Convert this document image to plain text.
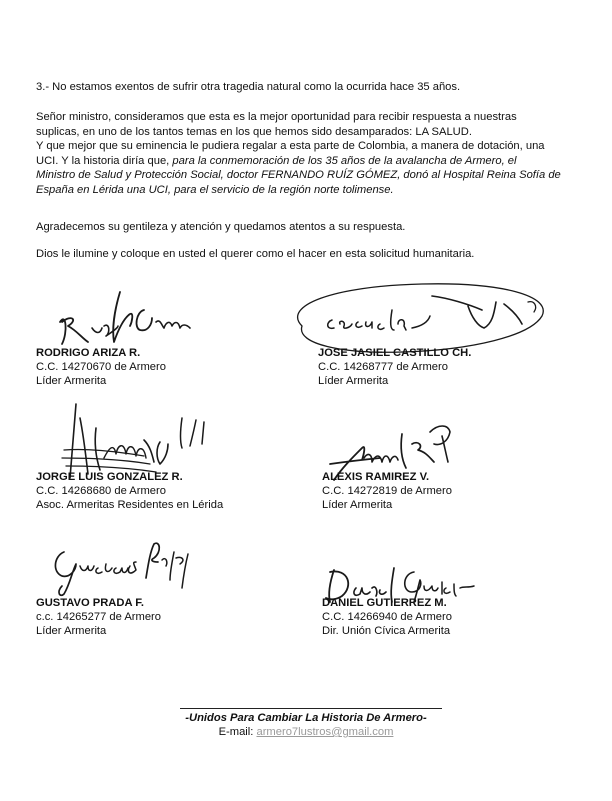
3.- No estamos exentos de sufrir otra tragedia natural como la ocurrida hace 35 años.

Señor ministro, consideramos que esta es la mejor oportunidad para recibir respuesta a nuestras
suplicas, en uno de los tantos temas en los que hemos sido desamparados: LA SALUD.

Y que mejor que su eminencia le pudiera regalar a esta parte de Colombia, a manera de dotación, una
UCI. Y la historia diría que, para la conmemoración de los 35 años de la avalancha de Armero, el
Ministro de Salud y Protección Social, doctor FERNANDO RUÍZ GÓMEZ, donó al Hospital Reina Sofía de
España en Lérida una UCI, para el servicio de la región norte tolimense.

Agradecemos su gentileza y atención y quedamos atentos a su respuesta.

Dios le ilumine y coloque en usted el querer como el hacer en esta solicitud humanitaria.

RODRIGO ARIZA R.
C.C. 14270670 de Armero
Líder Armerita
JOSE JASIEL CASTILLO CH.
C.C. 14268777 de Armero
Líder Armerita
JORGE LUIS GONZALEZ R.
C.C. 14268680 de Armero
Asoc. Armeritas Residentes en Lérida
ALEXIS RAMIREZ V.
C.C. 14272819 de Armero
Líder Armerita
GUSTAVO PRADA F.
c.c. 14265277 de Armero
Líder Armerita
DANIEL GUTIERREZ M.
C.C. 14266940 de Armero
Dir. Unión Cívica Armerita
-Unidos Para Cambiar La Historia De Armero-
E-mail: armero7lustros@gmail.com
